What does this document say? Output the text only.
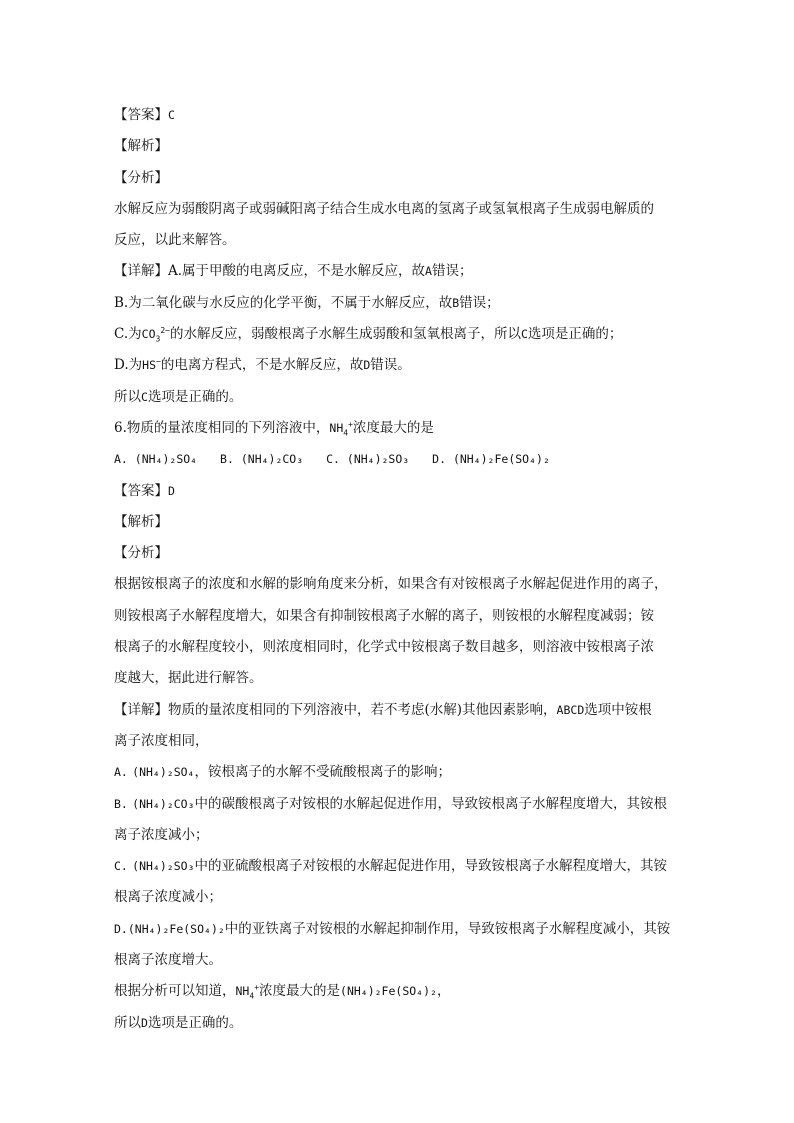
【答案】C
【解析】
【分析】
水解反应为弱酸阴离子或弱碱阳离子结合生成水电离的氢离子或氢氧根离子生成弱电解质的
反应，以此来解答。
【详解】A.属于甲酸的电离反应，不是水解反应，故A错误；
B.为二氧化碳与水反应的化学平衡，不属于水解反应，故B错误；
C.为$CO_3^{2-}$的水解反应，弱酸根离子水解生成弱酸和氢氧根离子，所以C选项是正确的；
D.为HS−的电离方程式，不是水解反应，故D错误。
所以C选项是正确的。
6.物质的量浓度相同的下列溶液中，$NH_4^+$浓度最大的是
A. (NH₄)₂SO₄ B. (NH₄)₂CO₃ C. (NH₄)₂SO₃ D. (NH₄)₂Fe(SO₄)₂
【答案】D
【解析】
【分析】
根据铵根离子的浓度和水解的影响角度来分析，如果含有对铵根离子水解起促进作用的离子，
则铵根离子水解程度增大，如果含有抑制铵根离子水解的离子，则铵根的水解程度减弱；铵
根离子的水解程度较小，则浓度相同时，化学式中铵根离子数目越多，则溶液中铵根离子浓
度越大，据此进行解答。
【详解】物质的量浓度相同的下列溶液中，若不考虑(水解)其他因素影响，ABCD选项中铵根
离子浓度相同，
A. (NH₄)₂SO₄，铵根离子的水解不受硫酸根离子的影响；
B. (NH₄)₂CO₃中的碳酸根离子对铵根的水解起促进作用，导致铵根离子水解程度增大，其铵根
离子浓度减小；
C. (NH₄)₂SO₃中的亚硫酸根离子对铵根的水解起促进作用，导致铵根离子水解程度增大，其铵
根离子浓度减小；
D.(NH₄)₂Fe(SO₄)₂中的亚铁离子对铵根的水解起抑制作用，导致铵根离子水解程度减小，其铵
根离子浓度增大。
根据分析可以知道，$NH_4^+$浓度最大的是(NH₄)₂Fe(SO₄)₂，
所以D选项是正确的。
